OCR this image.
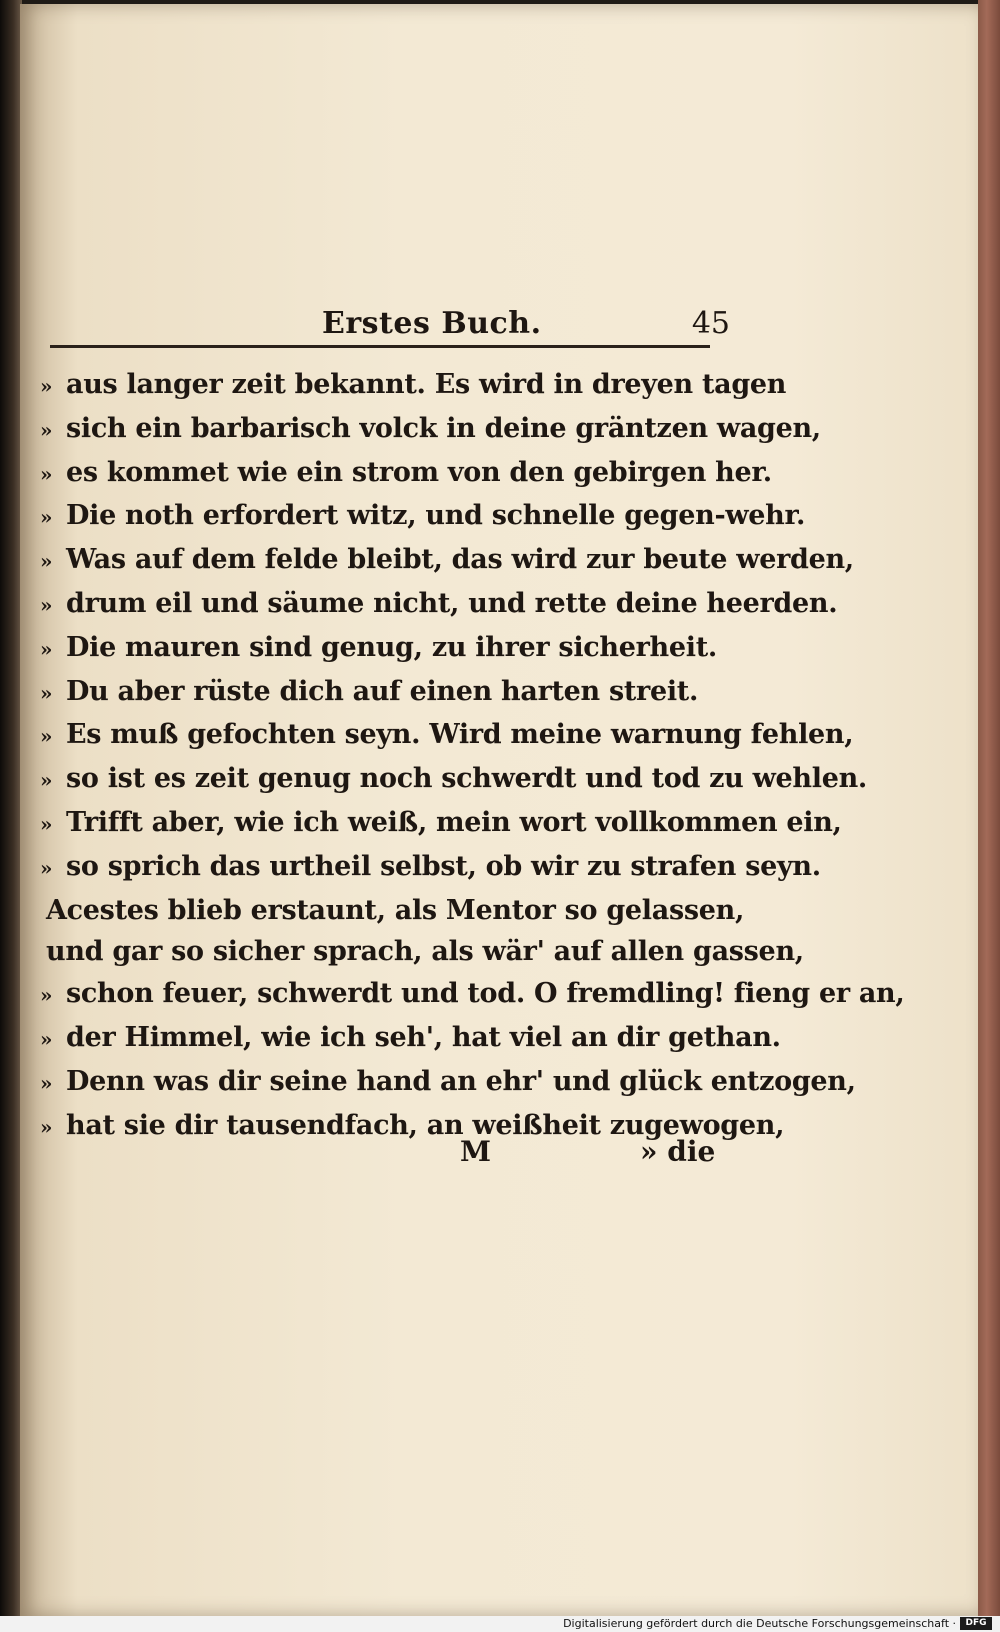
Erstes Buch.	45
» aus langer zeit bekannt. Es wird in dreyen tagen
» sich ein barbarisch volck in deine gräntzen wagen,
» es kommet wie ein strom von den gebirgen her.
» Die noth erfordert witz, und schnelle gegen-wehr.
» Was auf dem felde bleibt, das wird zur beute werden,
» drum eil und säume nicht, und rette deine heerden.
» Die mauren sind genug, zu ihrer sicherheit.
» Du aber rüste dich auf einen harten streit.
» Es muß gefochten seyn. Wird meine warnung fehlen,
» so ist es zeit genug noch schwerdt und tod zu wehlen.
» Trifft aber, wie ich weiß, mein wort vollkommen ein,
» so sprich das urtheil selbst, ob wir zu strafen seyn.
Acestes blieb erstaunt, als Mentor so gelassen,
und gar so sicher sprach, als wär' auf allen gassen,
» schon feuer, schwerdt und tod. O fremdling! fieng er an,
» der Himmel, wie ich seh', hat viel an dir gethan.
» Denn was dir seine hand an ehr' und glück entzogen,
» hat sie dir tausendfach, an weißheit zugewogen,
M	» die
Digitalisierung gefördert durch die Deutsche Forschungsgemeinschaft ·	DFG
